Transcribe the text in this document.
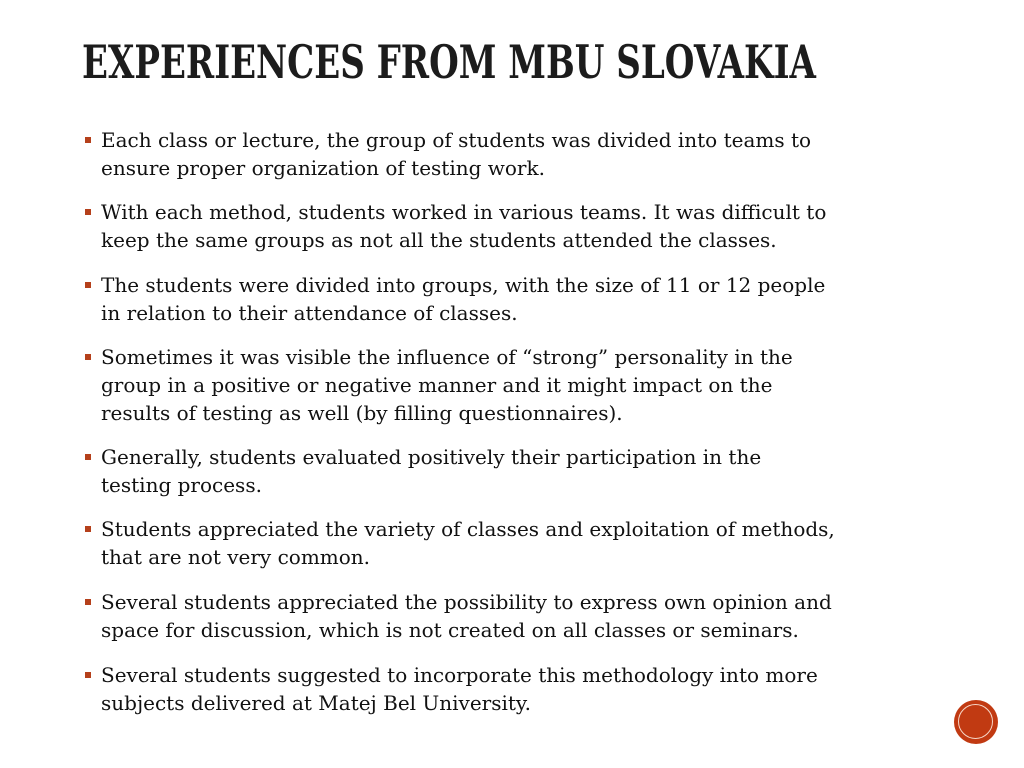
EXPERIENCES FROM MBU SLOVAKIA
Each class or lecture, the group of students was divided into teams to
ensure proper organization of testing work.
With each method, students worked in various teams. It was difficult to
keep the same groups as not all the students attended the classes.
The students were divided into groups, with the size of 11 or 12 people
in relation to their attendance of classes.
Sometimes it was visible the influence of “strong” personality in the
group in a positive or negative manner and it might impact on the
results of testing as well (by filling questionnaires).
Generally, students evaluated positively their participation in the
testing process.
Students appreciated the variety of classes and exploitation of methods,
that are not very common.
Several students appreciated the possibility to express own opinion and
space for discussion, which is not created on all classes or seminars.
Several students suggested to incorporate this methodology into more
subjects delivered at Matej Bel University.
